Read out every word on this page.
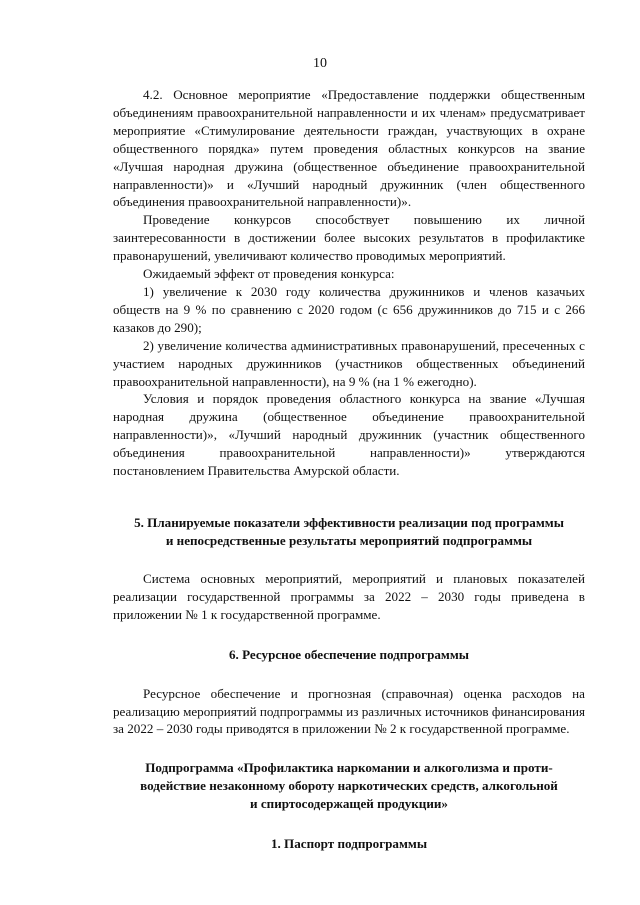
10

4.2. Основное мероприятие «Предоставление поддержки общественным объединениям правоохранительной направленности и их членам» предусматривает мероприятие «Стимулирование деятельности граждан, участвующих в охране общественного порядка» путем проведения областных конкурсов на звание «Лучшая народная дружина (общественное объединение правоохранительной направленности)» и «Лучший народный дружинник (член общественного объединения правоохранительной направленности)».

Проведение конкурсов способствует повышению их личной заинтересованности в достижении более высоких результатов в профилактике правонарушений, увеличивают количество проводимых мероприятий.

Ожидаемый эффект от проведения конкурса:

1) увеличение к 2030 году количества дружинников и членов казачьих обществ на 9 % по сравнению с 2020 годом (с 656 дружинников до 715 и с 266 казаков до 290);

2) увеличение количества административных правонарушений, пресеченных с участием народных дружинников (участников общественных объединений правоохранительной направленности), на 9 % (на 1 % ежегодно).

Условия и порядок проведения областного конкурса на звание «Лучшая народная дружина (общественное объединение правоохранительной направленности)», «Лучший народный дружинник (участник общественного объединения правоохранительной направленности)» утверждаются постановлением Правительства Амурской области.

5. Планируемые показатели эффективности реализации под программы
и непосредственные результаты мероприятий подпрограммы

Система основных мероприятий, мероприятий и плановых показателей реализации государственной программы за 2022 – 2030 годы приведена в приложении № 1 к государственной программе.

6. Ресурсное обеспечение подпрограммы

Ресурсное обеспечение и прогнозная (справочная) оценка расходов на реализацию мероприятий подпрограммы из различных источников финансирования за 2022 – 2030 годы приводятся в приложении № 2 к государственной программе.

Подпрограмма «Профилактика наркомании и алкоголизма и проти-
водействие незаконному обороту наркотических средств, алкогольной
и спиртосодержащей продукции»
1. Паспорт подпрограммы
